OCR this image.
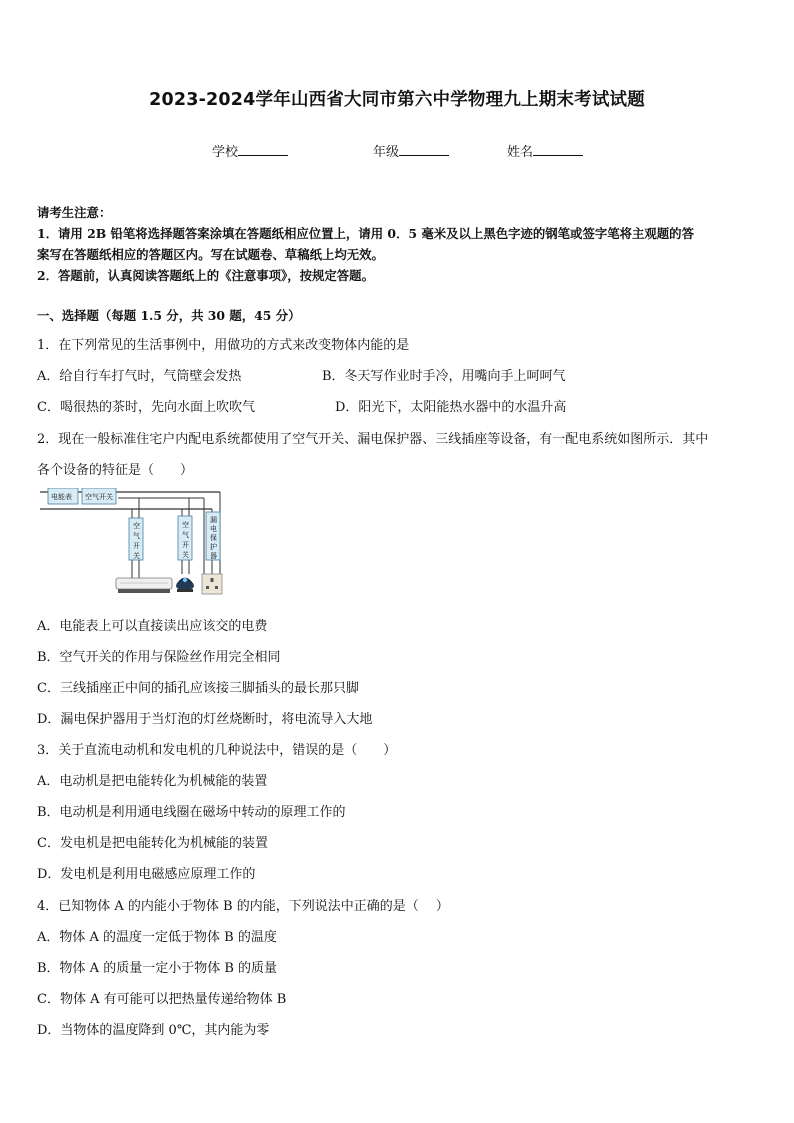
2023-2024学年山西省大同市第六中学物理九上期末考试试题
学校	年级	姓名
请考生注意：
1．请用 2B 铅笔将选择题答案涂填在答题纸相应位置上，请用 0．5 毫米及以上黑色字迹的钢笔或签字笔将主观题的答
案写在答题纸相应的答题区内。写在试题卷、草稿纸上均无效。
2．答题前，认真阅读答题纸上的《注意事项》，按规定答题。
一、选择题（每题 1.5 分，共 30 题，45 分）
1．在下列常见的生活事例中，用做功的方式来改变物体内能的是
A．给自行车打气时，气筒壁会发热	B．冬天写作业时手冷，用嘴向手上呵呵气
C．喝很热的茶时，先向水面上吹吹气	D．阳光下，太阳能热水器中的水温升高
2．现在一般标准住宅户内配电系统都使用了空气开关、漏电保护器、三线插座等设备，有一配电系统如图所示．其中
各个设备的特征是（　　）
电能表 空气开关
空
气
开
关
空
气
开
关
漏
电
保
护
器
A．电能表上可以直接读出应该交的电费
B．空气开关的作用与保险丝作用完全相同
C．三线插座正中间的插孔应该接三脚插头的最长那只脚
D．漏电保护器用于当灯泡的灯丝烧断时，将电流导入大地
3．关于直流电动机和发电机的几种说法中，错误的是（　　）
A．电动机是把电能转化为机械能的装置
B．电动机是利用通电线圈在磁场中转动的原理工作的
C．发电机是把电能转化为机械能的装置
D．发电机是利用电磁感应原理工作的
4．已知物体 A 的内能小于物体 B 的内能，下列说法中正确的是（　 ）
A．物体 A 的温度一定低于物体 B 的温度
B．物体 A 的质量一定小于物体 B 的质量
C．物体 A 有可能可以把热量传递给物体 B
D．当物体的温度降到 0℃，其内能为零
